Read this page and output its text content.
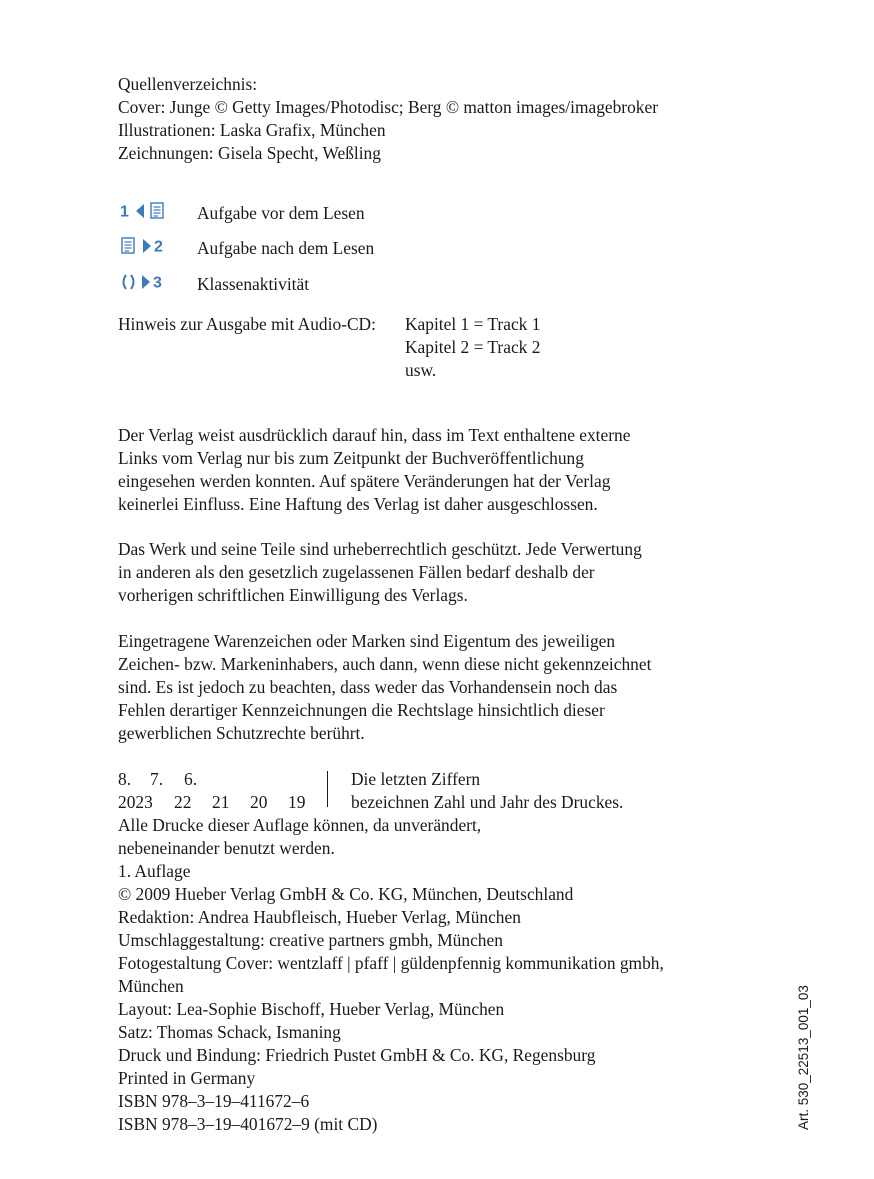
Quellenverzeichnis:
Cover: Junge © Getty Images/Photodisc; Berg © matton images/imagebroker
Illustrationen: Laska Grafix, München
Zeichnungen: Gisela Specht, Weßling
1	Aufgabe vor dem Lesen
2 Aufgabe nach dem Lesen
3 Klassenaktivität
Hinweis zur Ausgabe mit Audio-CD: Kapitel 1 = Track 1
Kapitel 2 = Track 2
usw.
Der Verlag weist ausdrücklich darauf hin, dass im Text enthaltene externe
Links vom Verlag nur bis zum Zeitpunkt der Buchveröffentlichung
eingesehen werden konnten. Auf spätere Veränderungen hat der Verlag
keinerlei Einfluss. Eine Haftung des Verlag ist daher ausgeschlossen.
Das Werk und seine Teile sind urheberrechtlich geschützt. Jede Verwertung
in anderen als den gesetzlich zugelassenen Fällen bedarf deshalb der
vorherigen schriftlichen Einwilligung des Verlags.
Eingetragene Warenzeichen oder Marken sind Eigentum des jeweiligen
Zeichen- bzw. Markeninhabers, auch dann, wenn diese nicht gekennzeichnet
sind. Es ist jedoch zu beachten, dass weder das Vorhandensein noch das
Fehlen derartiger Kennzeichnungen die Rechtslage hinsichtlich dieser
gewerblichen Schutzrechte berührt.
8. 7. 6.
2023 22 21 20 19
Die letzten Ziffern
bezeichnen Zahl und Jahr des Druckes.
Alle Drucke dieser Auflage können, da unverändert,
nebeneinander benutzt werden.
1. Auflage
© 2009 Hueber Verlag GmbH & Co. KG, München, Deutschland
Redaktion: Andrea Haubfleisch, Hueber Verlag, München
Umschlaggestaltung: creative partners gmbh, München
Fotogestaltung Cover: wentzlaff | pfaff | güldenpfennig kommunikation gmbh,
München
Layout: Lea-Sophie Bischoff, Hueber Verlag, München
Satz: Thomas Schack, Ismaning
Druck und Bindung: Friedrich Pustet GmbH & Co. KG, Regensburg
Printed in Germany
ISBN 978–3–19–411672–6
ISBN 978–3–19–401672–9 (mit CD)	Art. 530_22513_001_03
